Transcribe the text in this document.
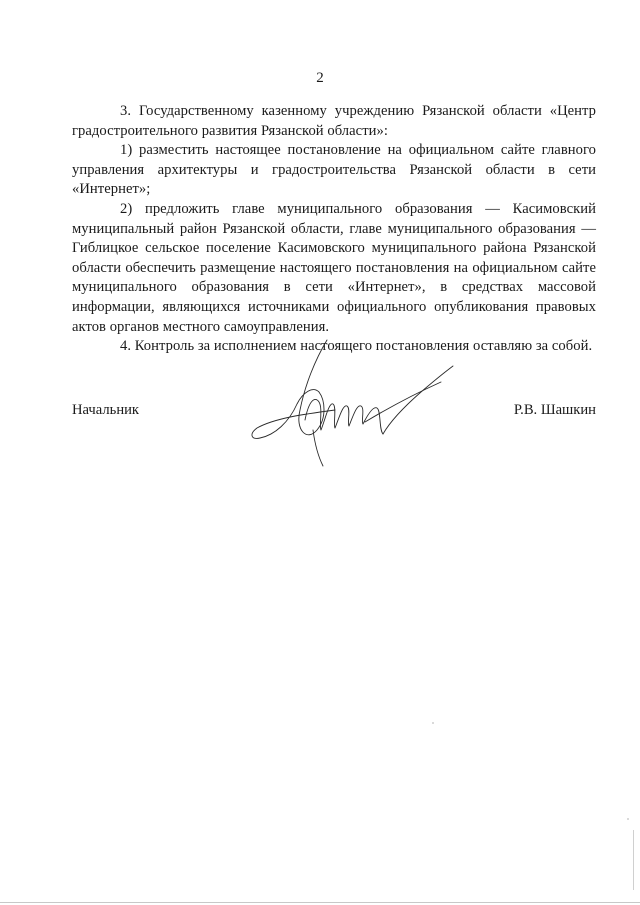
2

3. Государственному казенному учреждению Рязанской области «Центр градостроительного развития Рязанской области»:

1) разместить настоящее постановление на официальном сайте главного управления архитектуры и градостроительства Рязанской области в сети «Интернет»;

2) предложить главе муниципального образования — Касимовский муниципальный район Рязанской области, главе муниципального образования — Гиблицкое сельское поселение Касимовского муниципального района Рязанской области обеспечить размещение настоящего постановления на официальном сайте муниципального образования в сети «Интернет», в средствах массовой информации, являющихся источниками официального опубликования правовых актов органов местного самоуправления.

4. Контроль за исполнением настоящего постановления оставляю за собой.

Начальник	Р.В. Шашкин
